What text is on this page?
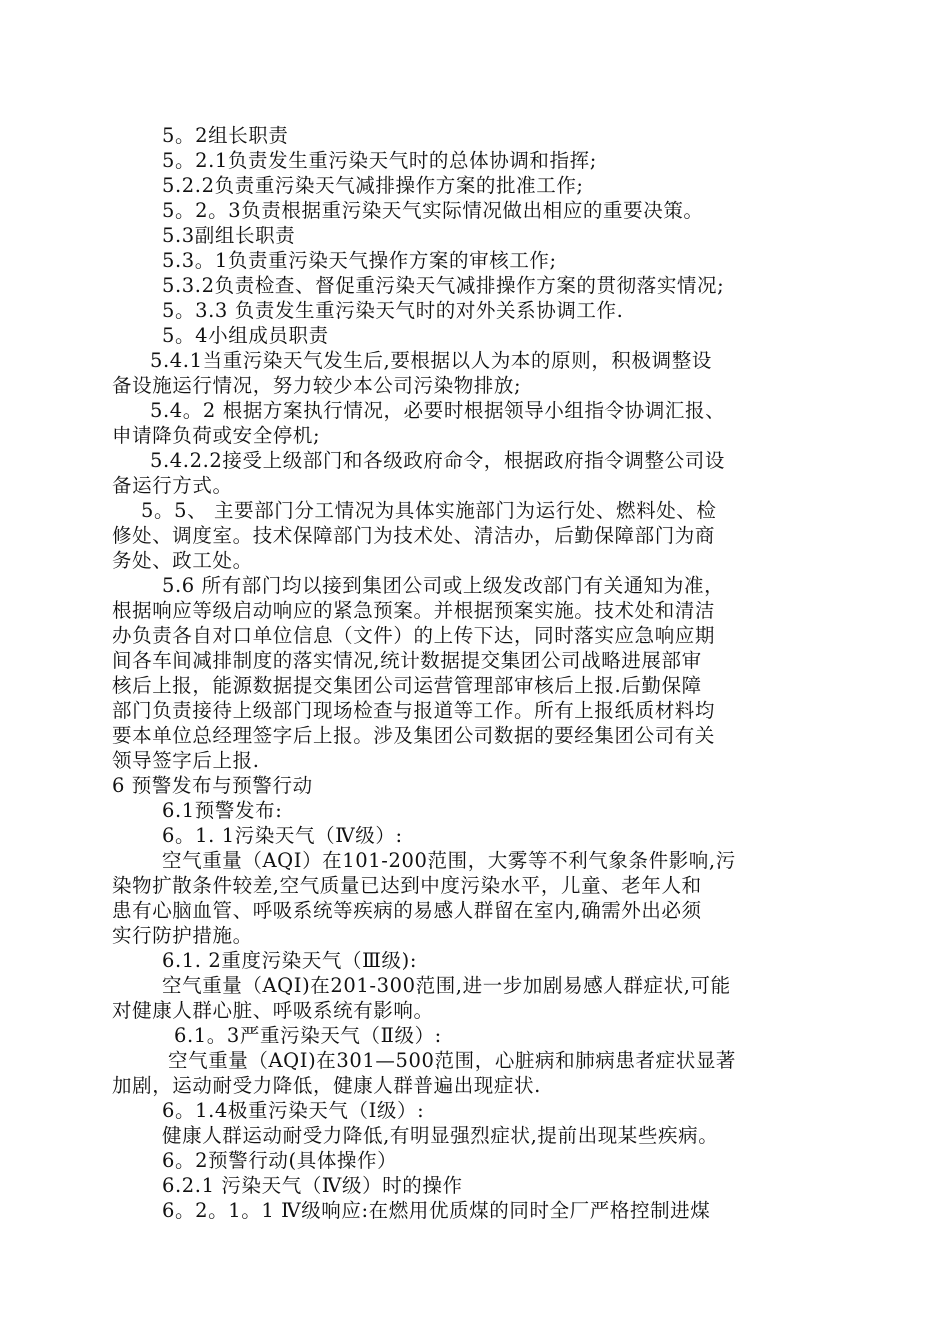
5。2组长职责
5。2.1负责发生重污染天气时的总体协调和指挥;
5.2.2负责重污染天气减排操作方案的批准工作;
5。2。3负责根据重污染天气实际情况做出相应的重要决策。
5.3副组长职责
5.3。1负责重污染天气操作方案的审核工作;
5.3.2负责检查、督促重污染天气减排操作方案的贯彻落实情况;
5。3.3 负责发生重污染天气时的对外关系协调工作.
5。4小组成员职责
5.4.1当重污染天气发生后,要根据以人为本的原则，积极调整设
备设施运行情况，努力较少本公司污染物排放;
5.4。2 根据方案执行情况，必要时根据领导小组指令协调汇报、
申请降负荷或安全停机;
5.4.2.2接受上级部门和各级政府命令，根据政府指令调整公司设
备运行方式。
5。5、 主要部门分工情况为具体实施部门为运行处、燃料处、检
修处、调度室。技术保障部门为技术处、清洁办，后勤保障部门为商
务处、政工处。
5.6 所有部门均以接到集团公司或上级发改部门有关通知为准，
根据响应等级启动响应的紧急预案。并根据预案实施。技术处和清洁
办负责各自对口单位信息（文件）的上传下达，同时落实应急响应期
间各车间减排制度的落实情况,统计数据提交集团公司战略进展部审
核后上报，能源数据提交集团公司运营管理部审核后上报.后勤保障
部门负责接待上级部门现场检查与报道等工作。所有上报纸质材料均
要本单位总经理签字后上报。涉及集团公司数据的要经集团公司有关
领导签字后上报.
6 预警发布与预警行动
6.1预警发布:
6。1. 1污染天气（Ⅳ级）:
空气重量（AQI）在101-200范围，大雾等不利气象条件影响,污
染物扩散条件较差,空气质量已达到中度污染水平，儿童、老年人和
患有心脑血管、呼吸系统等疾病的易感人群留在室内,确需外出必须
实行防护措施。
6.1. 2重度污染天气（Ⅲ级):
空气重量（AQI)在201-300范围,进一步加剧易感人群症状,可能
对健康人群心脏、呼吸系统有影响。
6.1。3严重污染天气（Ⅱ级）:
空气重量（AQI)在301—500范围，心脏病和肺病患者症状显著
加剧，运动耐受力降低，健康人群普遍出现症状.
6。1.4极重污染天气（Ⅰ级）:
健康人群运动耐受力降低,有明显强烈症状,提前出现某些疾病。
6。2预警行动(具体操作）
6.2.1 污染天气（Ⅳ级）时的操作
6。2。1。1 Ⅳ级响应:在燃用优质煤的同时全厂严格控制进煤
